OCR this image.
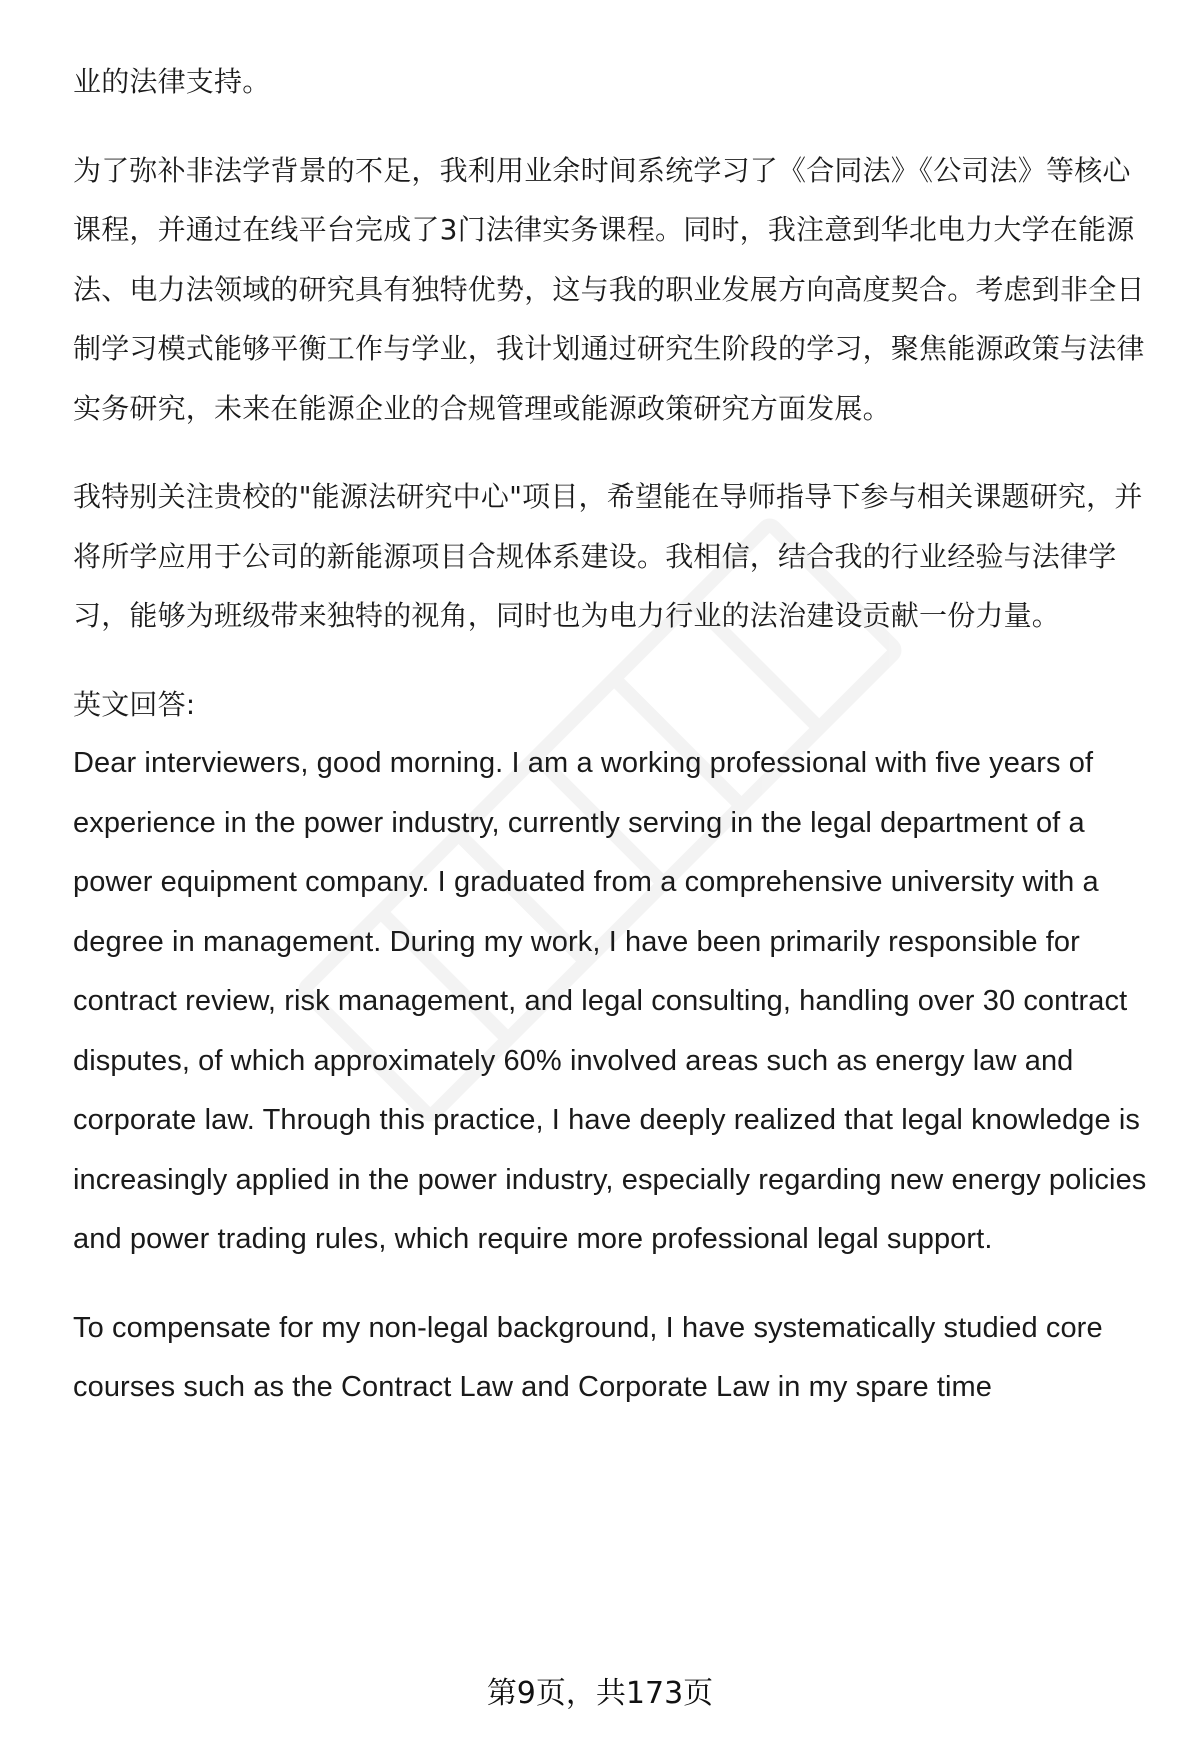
业的法律支持。

为了弥补非法学背景的不足，我利用业余时间系统学习了《合同法》《公司法》等核心课程，并通过在线平台完成了3门法律实务课程。同时，我注意到华北电力大学在能源法、电力法领域的研究具有独特优势，这与我的职业发展方向高度契合。考虑到非全日制学习模式能够平衡工作与学业，我计划通过研究生阶段的学习，聚焦能源政策与法律实务研究，未来在能源企业的合规管理或能源政策研究方面发展。

我特别关注贵校的"能源法研究中心"项目，希望能在导师指导下参与相关课题研究，并将所学应用于公司的新能源项目合规体系建设。我相信，结合我的行业经验与法律学习，能够为班级带来独特的视角，同时也为电力行业的法治建设贡献一份力量。

英文回答:

Dear interviewers, good morning. I am a working professional with five years of experience in the power industry, currently serving in the legal department of a power equipment company. I graduated from a comprehensive university with a degree in management. During my work, I have been primarily responsible for contract review, risk management, and legal consulting, handling over 30 contract disputes, of which approximately 60% involved areas such as energy law and corporate law. Through this practice, I have deeply realized that legal knowledge is increasingly applied in the power industry, especially regarding new energy policies and power trading rules, which require more professional legal support.

To compensate for my non-legal background, I have systematically studied core courses such as the Contract Law and Corporate Law in my spare time

第9页，共173页
